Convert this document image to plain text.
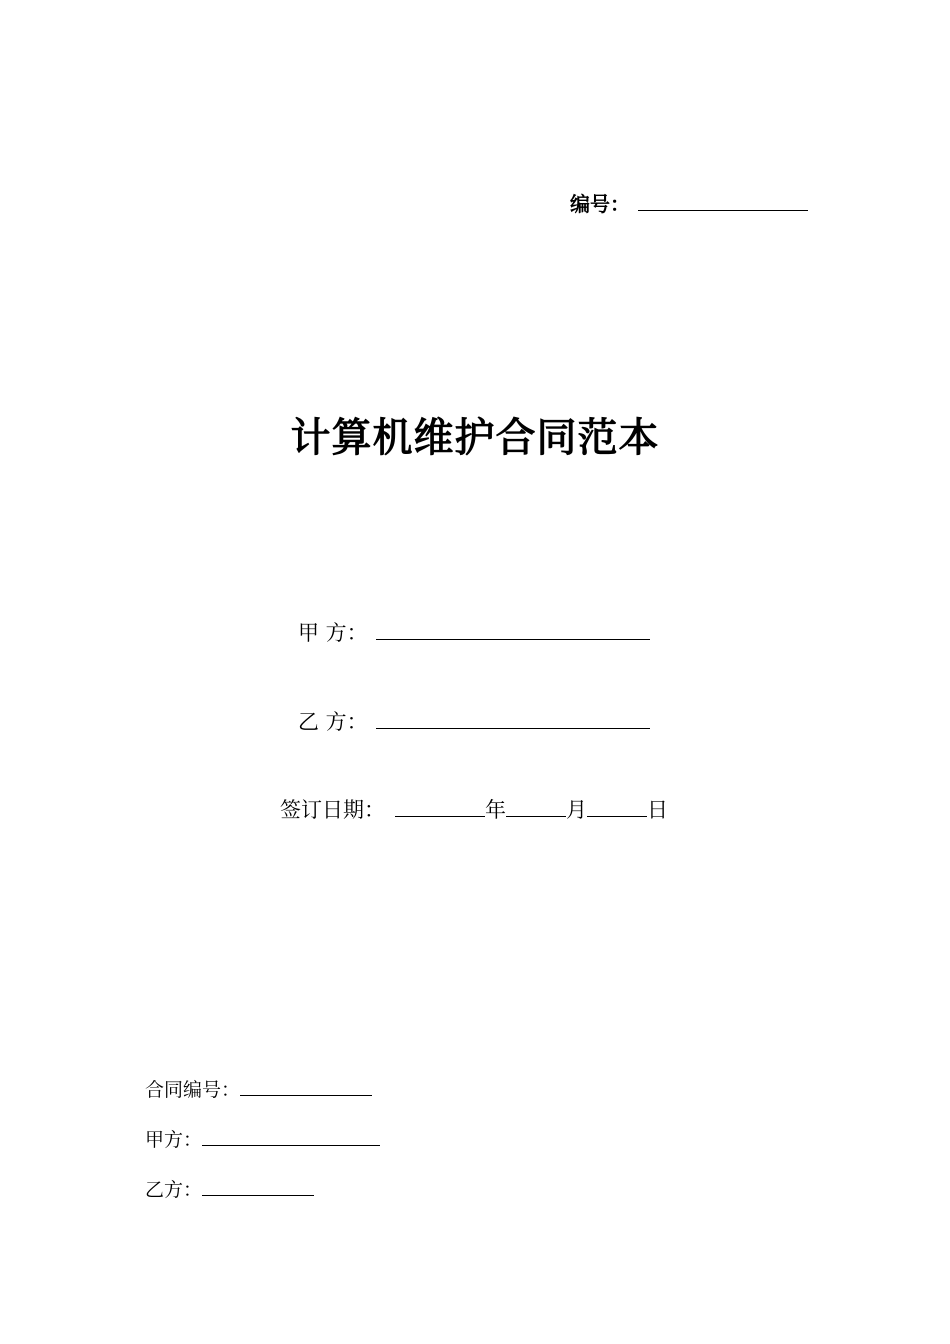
编号：
计算机维护合同范本
甲 方：
乙 方：
签订日期：	年	月	日
合同编号：
甲方：
乙方：
